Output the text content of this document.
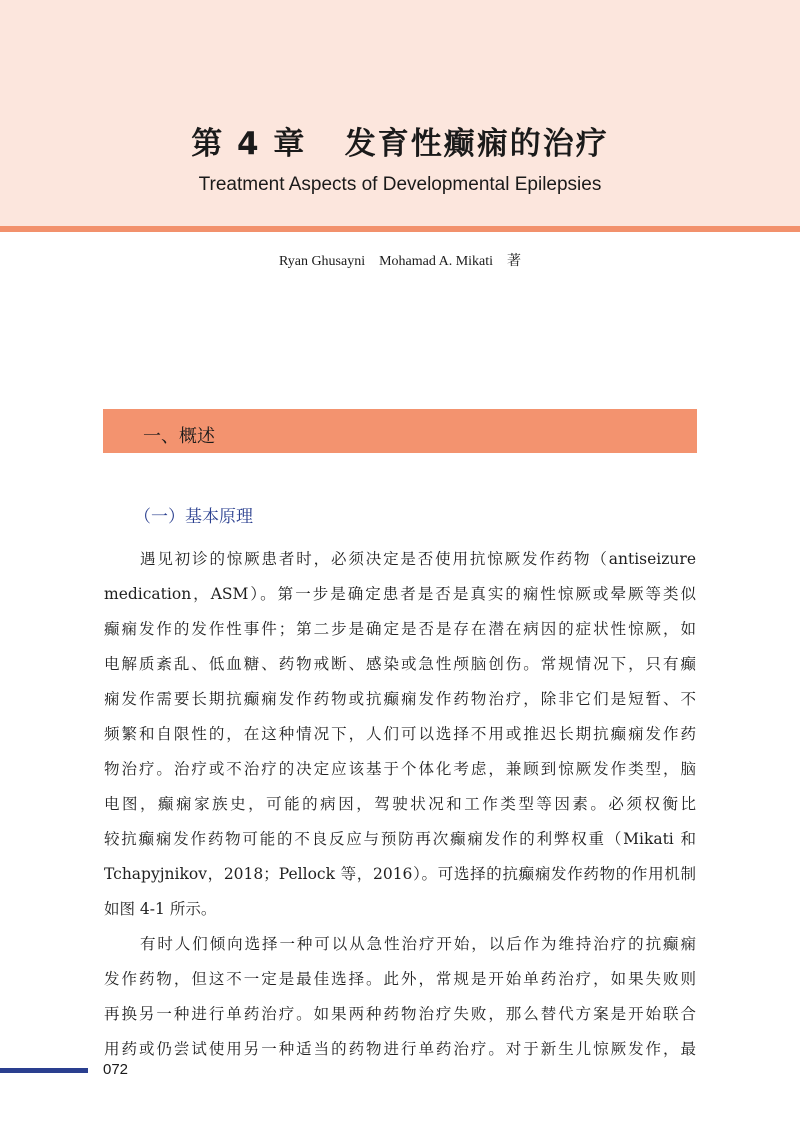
第 4 章   发育性癫痫的治疗
Treatment Aspects of Developmental Epilepsies
Ryan Ghusayni    Mohamad A. Mikati    著
一、概述
（一）基本原理
遇见初诊的惊厥患者时，必须决定是否使用抗惊厥发作药物（antiseizure
medication，ASM）。第一步是确定患者是否是真实的痫性惊厥或晕厥等类似
癫痫发作的发作性事件；第二步是确定是否是存在潜在病因的症状性惊厥，如
电解质紊乱、低血糖、药物戒断、感染或急性颅脑创伤。常规情况下，只有癫
痫发作需要长期抗癫痫发作药物或抗癫痫发作药物治疗，除非它们是短暂、不
频繁和自限性的，在这种情况下，人们可以选择不用或推迟长期抗癫痫发作药
物治疗。治疗或不治疗的决定应该基于个体化考虑，兼顾到惊厥发作类型，脑
电图，癫痫家族史，可能的病因，驾驶状况和工作类型等因素。必须权衡比
较抗癫痫发作药物可能的不良反应与预防再次癫痫发作的利弊权重（Mikati 和
Tchapyjnikov，2018；Pellock 等，2016）。可选择的抗癫痫发作药物的作用机制
如图 4-1 所示。
有时人们倾向选择一种可以从急性治疗开始，以后作为维持治疗的抗癫痫
发作药物，但这不一定是最佳选择。此外，常规是开始单药治疗，如果失败则
再换另一种进行单药治疗。如果两种药物治疗失败，那么替代方案是开始联合
用药或仍尝试使用另一种适当的药物进行单药治疗。对于新生儿惊厥发作，最
072
